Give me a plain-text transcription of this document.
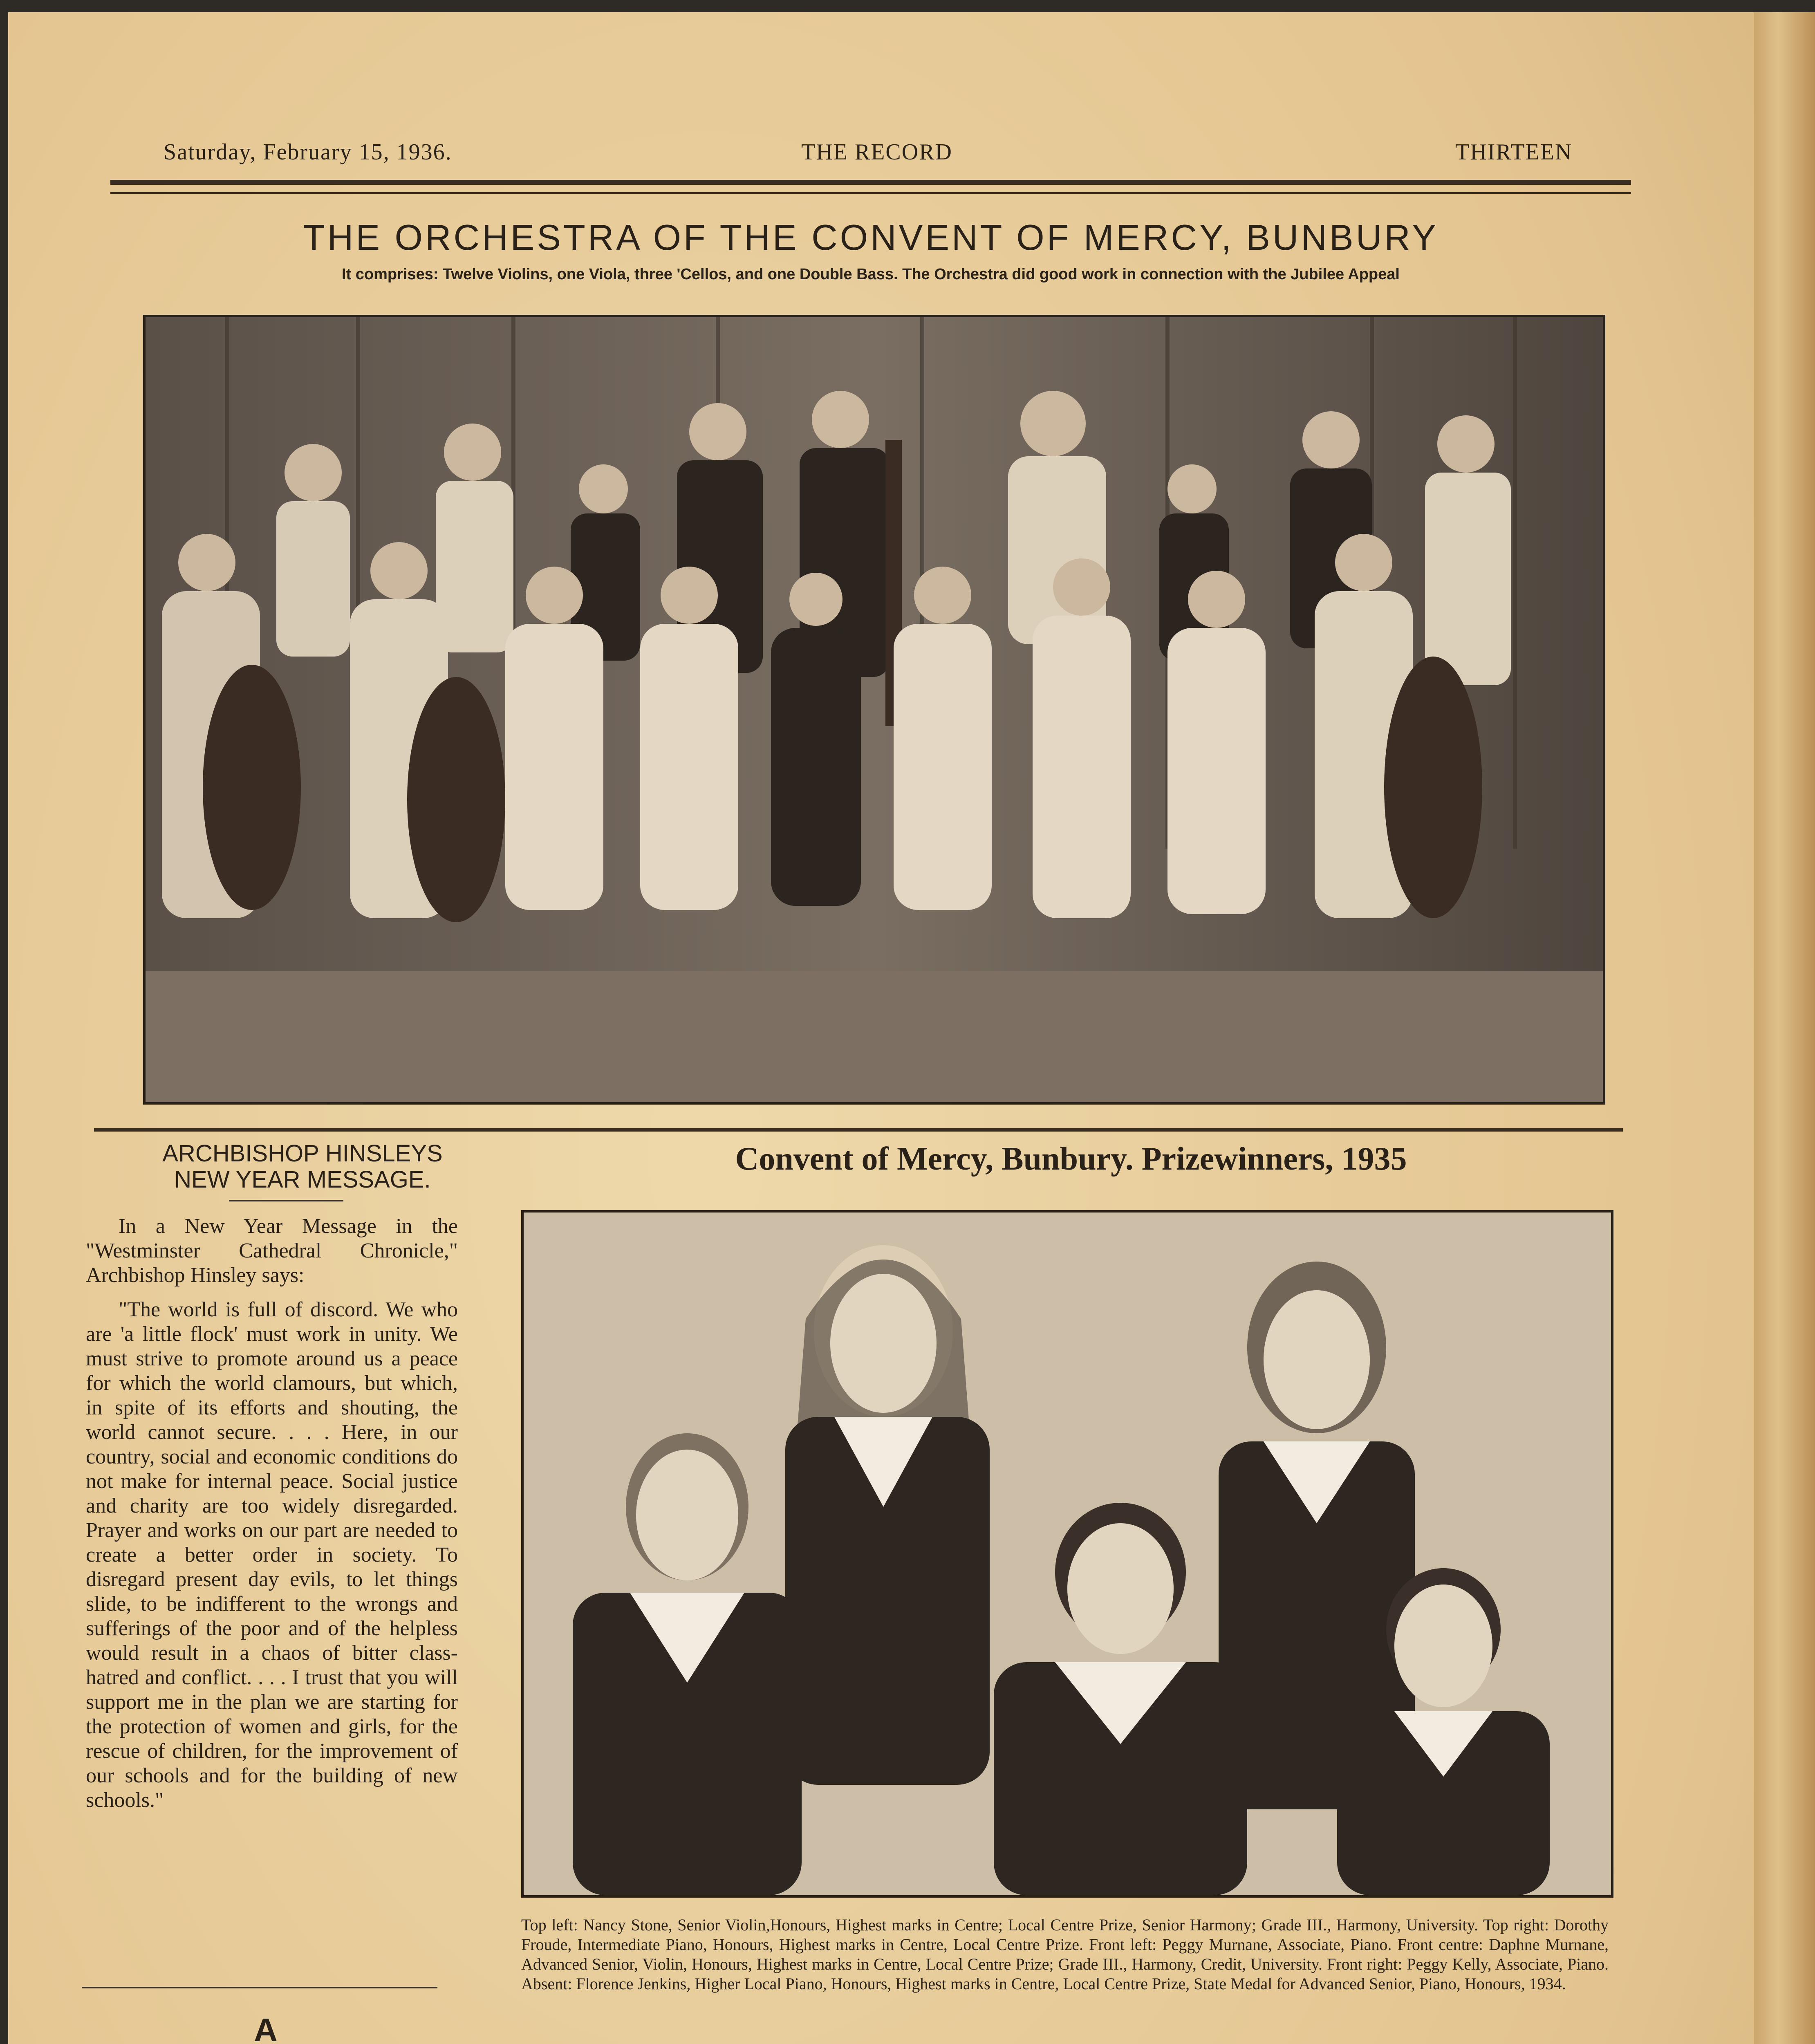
Saturday, February 15, 1936.	THE RECORD	THIRTEEN
THE ORCHESTRA OF THE CONVENT OF MERCY, BUNBURY
It comprises: Twelve Violins, one Viola, three 'Cellos, and one Double Bass. The Orchestra did good work in connection with the Jubilee Appeal
ARCHBISHOP HINSLEYS
NEW YEAR MESSAGE.

In a New Year Message in the "Westminster Cathedral Chronicle," Archbishop Hinsley says:

"The world is full of discord. We who are 'a little flock' must work in unity. We must strive to promote around us a peace for which the world clamours, but which, in spite of its efforts and shouting, the world cannot secure. . . . Here, in our country, social and economic conditions do not make for internal peace. Social justice and charity are too widely disregarded. Prayer and works on our part are needed to create a better order in society. To disregard present day evils, to let things slide, to be indifferent to the wrongs and sufferings of the poor and of the helpless would result in a chaos of bitter class-hatred and conflict. . . . I trust that you will support me in the plan we are starting for the protection of women and girls, for the rescue of children, for the improvement of our schools and for the building of new schools."

Convent of Mercy, Bunbury. Prizewinners, 1935
Top left: Nancy Stone, Senior Violin,Honours, Highest marks in Centre; Local Centre Prize, Senior Harmony; Grade III., Harmony, University. Top right: Dorothy Froude, Intermediate Piano, Honours, Highest marks in Centre, Local Centre Prize. Front left: Peggy Murnane, Associate, Piano. Front centre: Daphne Murnane, Advanced Senior, Violin, Honours, Highest marks in Centre, Local Centre Prize; Grade III., Harmony, Credit, University. Front right: Peggy Kelly, Associate, Piano. Absent: Florence Jenkins, Higher Local Piano, Honours, Highest marks in Centre, Local Centre Prize, State Medal for Advanced Senior, Piano, Honours, 1934.
A
